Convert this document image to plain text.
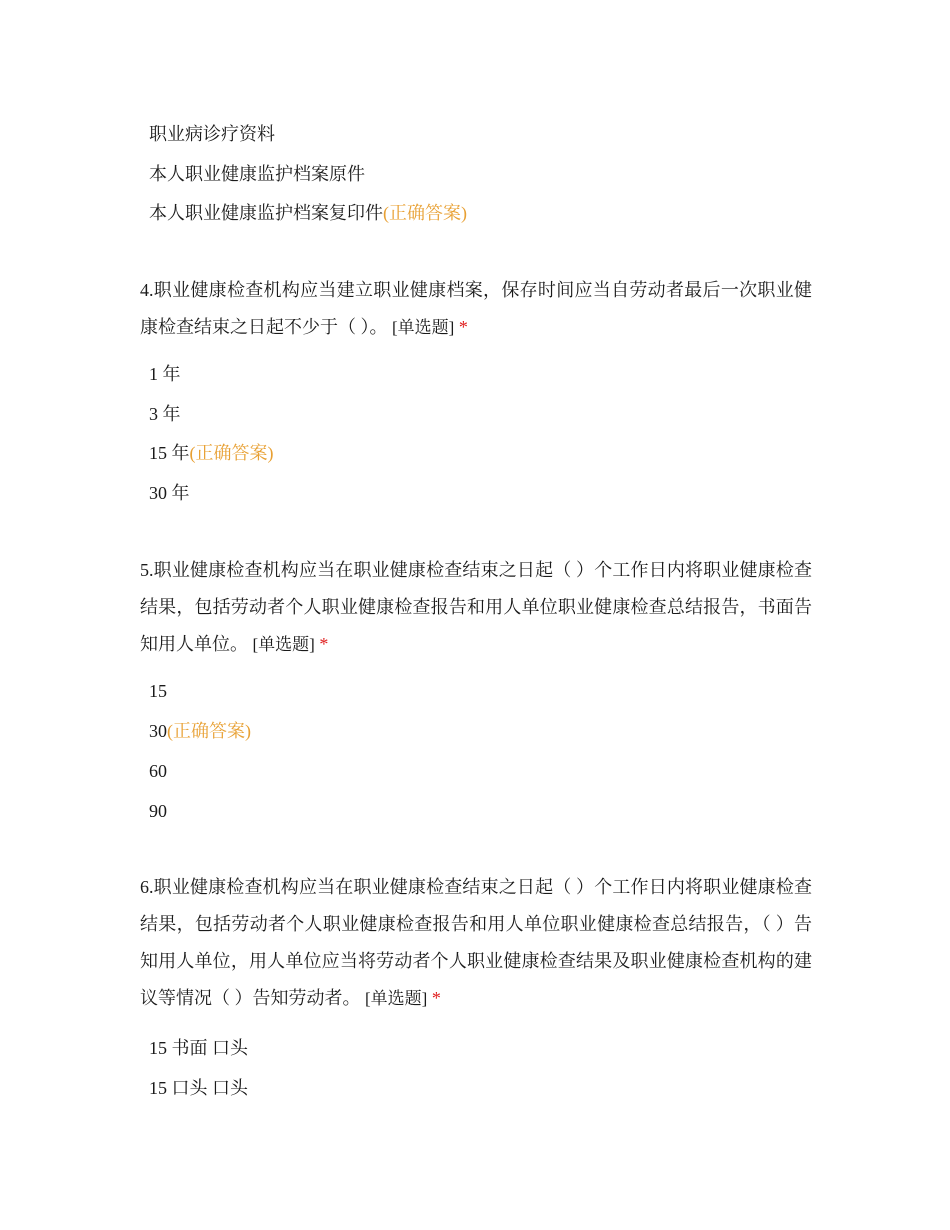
职业病诊疗资料
本人职业健康监护档案原件
本人职业健康监护档案复印件(正确答案)
4.职业健康检查机构应当建立职业健康档案，保存时间应当自劳动者最后一次职业健康检查结束之日起不少于（ ）。 [单选题] *
1 年
3 年
15 年(正确答案)
30 年
5.职业健康检查机构应当在职业健康检查结束之日起（ ）个工作日内将职业健康检查结果，包括劳动者个人职业健康检查报告和用人单位职业健康检查总结报告，书面告知用人单位。 [单选题] *
15
30(正确答案)
60
90
6.职业健康检查机构应当在职业健康检查结束之日起（ ）个工作日内将职业健康检查结果，包括劳动者个人职业健康检查报告和用人单位职业健康检查总结报告，（ ）告知用人单位，用人单位应当将劳动者个人职业健康检查结果及职业健康检查机构的建议等情况（ ）告知劳动者。 [单选题] *
15 书面 口头
15 口头 口头
